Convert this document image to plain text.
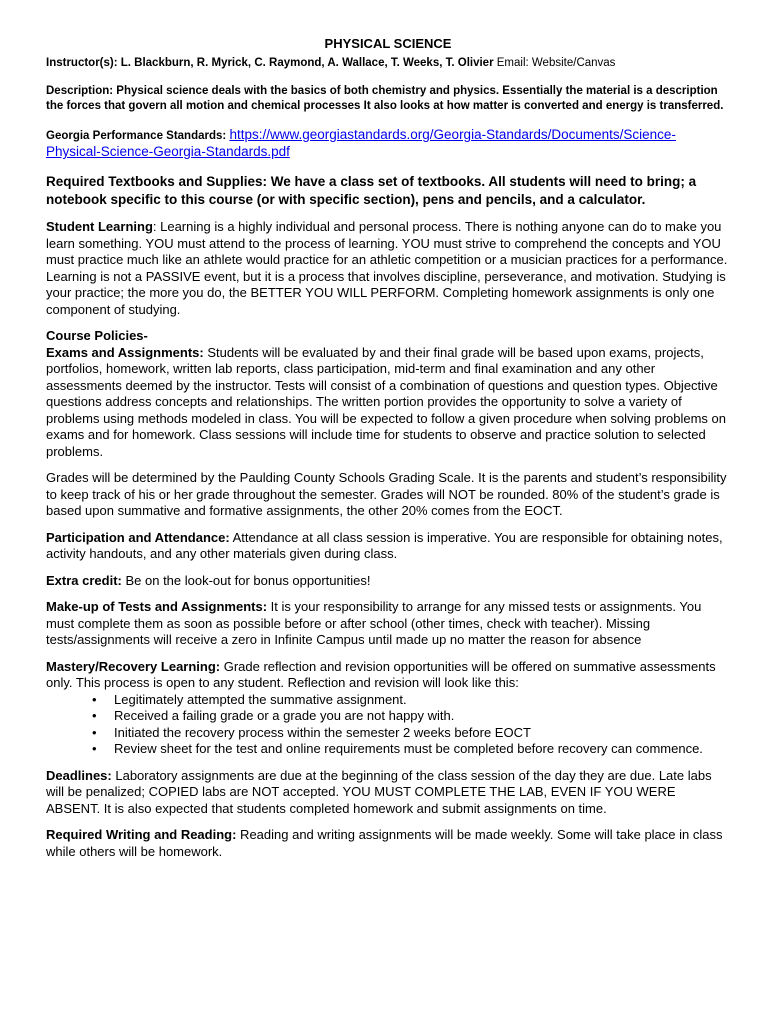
PHYSICAL SCIENCE
Instructor(s): L. Blackburn, R. Myrick, C. Raymond, A. Wallace, T. Weeks, T. Olivier Email: Website/Canvas
Description: Physical science deals with the basics of both chemistry and physics. Essentially the material is a description the forces that govern all motion and chemical processes It also looks at how matter is converted and energy is transferred.
Georgia Performance Standards: https://www.georgiastandards.org/Georgia-Standards/Documents/Science-Physical-Science-Georgia-Standards.pdf
Required Textbooks and Supplies: We have a class set of textbooks. All students will need to bring; a notebook specific to this course (or with specific section), pens and pencils, and a calculator.

Student Learning: Learning is a highly individual and personal process. There is nothing anyone can do to make you learn something. YOU must attend to the process of learning. YOU must strive to comprehend the concepts and YOU must practice much like an athlete would practice for an athletic competition or a musician practices for a performance. Learning is not a PASSIVE event, but it is a process that involves discipline, perseverance, and motivation. Studying is your practice; the more you do, the BETTER YOU WILL PERFORM. Completing homework assignments is only one component of studying.

Course Policies-
Exams and Assignments: Students will be evaluated by and their final grade will be based upon exams, projects, portfolios, homework, written lab reports, class participation, mid-term and final examination and any other assessments deemed by the instructor. Tests will consist of a combination of questions and question types. Objective questions address concepts and relationships. The written portion provides the opportunity to solve a variety of problems using methods modeled in class. You will be expected to follow a given procedure when solving problems on exams and for homework. Class sessions will include time for students to observe and practice solution to selected problems.

Grades will be determined by the Paulding County Schools Grading Scale. It is the parents and student’s responsibility to keep track of his or her grade throughout the semester. Grades will NOT be rounded. 80% of the student’s grade is based upon summative and formative assignments, the other 20% comes from the EOCT.

Participation and Attendance: Attendance at all class session is imperative. You are responsible for obtaining notes, activity handouts, and any other materials given during class.

Extra credit: Be on the look-out for bonus opportunities!

Make-up of Tests and Assignments: It is your responsibility to arrange for any missed tests or assignments. You must complete them as soon as possible before or after school (other times, check with teacher). Missing tests/assignments will receive a zero in Infinite Campus until made up no matter the reason for absence

Mastery/Recovery Learning: Grade reflection and revision opportunities will be offered on summative assessments only. This process is open to any student. Reflection and revision will look like this:
• Legitimately attempted the summative assignment.
• Received a failing grade or a grade you are not happy with.
• Initiated the recovery process within the semester 2 weeks before EOCT
• Review sheet for the test and online requirements must be completed before recovery can commence.

Deadlines: Laboratory assignments are due at the beginning of the class session of the day they are due. Late labs will be penalized; COPIED labs are NOT accepted. YOU MUST COMPLETE THE LAB, EVEN IF YOU WERE ABSENT. It is also expected that students completed homework and submit assignments on time.

Required Writing and Reading: Reading and writing assignments will be made weekly. Some will take place in class while others will be homework.
